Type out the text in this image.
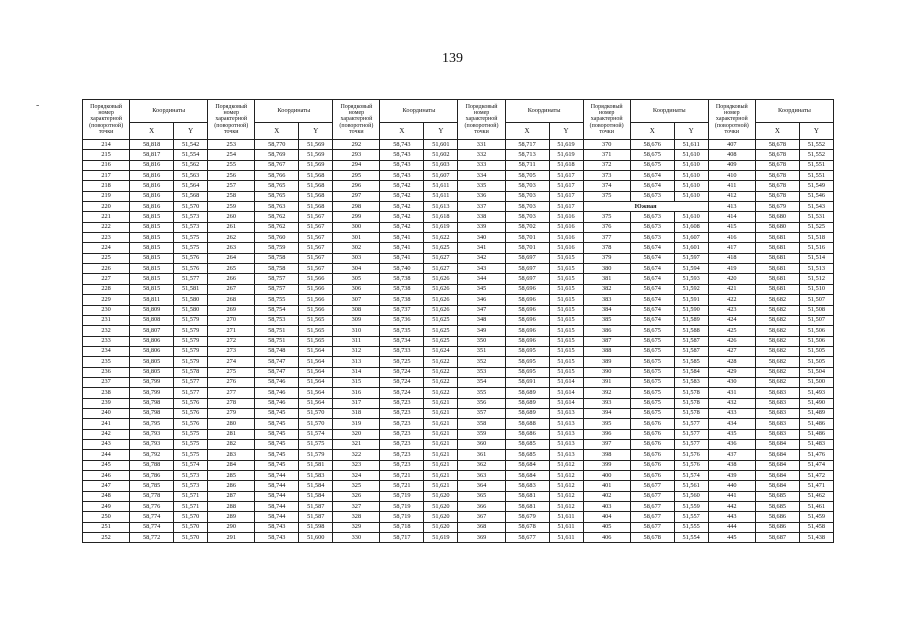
139
-	Порядковый номер характерной (поворотной) точки	Координаты		Порядковый номер характерной (поворотной) точки	Координаты		Порядковый номер характерной (поворотной) точки	Координаты		Порядковый номер характерной (поворотной) точки	Координаты		Порядковый номер характерной (поворотной) точки	Координаты		Порядковый номер характерной (поворотной) точки	Координаты	
	X	Y		X	Y		X	Y		X	Y		X	Y		X	Y
214	58,818	51,542	253	58,770	51,569	292	58,743	51,601	331	58,717	51,619	370	58,676	51,611	407	58,678	51,552
215	58,817	51,554	254	58,769	51,569	293	58,743	51,602	332	58,713	51,619	371	58,675	51,610	408	58,678	51,552
216	58,816	51,562	255	58,767	51,569	294	58,743	51,603	333	58,711	51,618	372	58,675	51,610	409	58,678	51,551
217	58,816	51,563	256	58,766	51,568	295	58,743	51,607	334	58,705	51,617	373	58,674	51,610	410	58,678	51,551
218	58,816	51,564	257	58,765	51,568	296	58,742	51,611	335	58,703	51,617	374	58,674	51,610	411	58,678	51,549
219	58,816	51,568	258	58,765	51,568	297	58,742	51,611	336	58,703	51,617	375	58,673	51,610	412	58,678	51,546
220	58,816	51,570	259	58,763	51,568	298	58,742	51,613	337	58,703	51,617	Южная			413	58,679	51,543
221	58,815	51,573	260	58,762	51,567	299	58,742	51,618	338	58,703	51,616	375	58,673	51,610	414	58,680	51,531
222	58,815	51,573	261	58,762	51,567	300	58,742	51,619	339	58,702	51,616	376	58,673	51,608	415	58,680	51,525
223	58,815	51,575	262	58,760	51,567	301	58,741	51,622	340	58,701	51,616	377	58,673	51,607	416	58,681	51,518
224	58,815	51,575	263	58,759	51,567	302	58,741	51,625	341	58,701	51,616	378	58,674	51,601	417	58,681	51,516
225	58,815	51,576	264	58,758	51,567	303	58,741	51,627	342	58,697	51,615	379	58,674	51,597	418	58,681	51,514
226	58,815	51,576	265	58,758	51,567	304	58,740	51,627	343	58,697	51,615	380	58,674	51,594	419	58,681	51,513
227	58,815	51,577	266	58,757	51,566	305	58,738	51,626	344	58,697	51,615	381	58,674	51,593	420	58,681	51,512
228	58,815	51,581	267	58,757	51,566	306	58,738	51,626	345	58,696	51,615	382	58,674	51,592	421	58,681	51,510
229	58,811	51,580	268	58,755	51,566	307	58,738	51,626	346	58,696	51,615	383	58,674	51,591	422	58,682	51,507
230	58,809	51,580	269	58,754	51,566	308	58,737	51,626	347	58,696	51,615	384	58,674	51,590	423	58,682	51,508
231	58,808	51,579	270	58,753	51,565	309	58,736	51,625	348	58,696	51,615	385	58,674	51,589	424	58,682	51,507
232	58,807	51,579	271	58,751	51,565	310	58,735	51,625	349	58,696	51,615	386	58,675	51,588	425	58,682	51,506
233	58,806	51,579	272	58,751	51,565	311	58,734	51,625	350	58,696	51,615	387	58,675	51,587	426	58,682	51,506
234	58,806	51,579	273	58,748	51,564	312	58,733	51,624	351	58,695	51,615	388	58,675	51,587	427	58,682	51,505
235	58,805	51,579	274	58,747	51,564	313	58,725	51,622	352	58,695	51,615	389	58,675	51,585	428	58,682	51,505
236	58,805	51,578	275	58,747	51,564	314	58,724	51,622	353	58,695	51,615	390	58,675	51,584	429	58,682	51,504
237	58,799	51,577	276	58,746	51,564	315	58,724	51,622	354	58,691	51,614	391	58,675	51,583	430	58,682	51,500
238	58,799	51,577	277	58,746	51,564	316	58,724	51,622	355	58,689	51,614	392	58,675	51,578	431	58,683	51,493
239	58,798	51,576	278	58,746	51,564	317	58,723	51,621	356	58,689	51,614	393	58,675	51,578	432	58,683	51,490
240	58,798	51,576	279	58,745	51,570	318	58,723	51,621	357	58,689	51,613	394	58,675	51,578	433	58,683	51,489
241	58,795	51,576	280	58,745	51,570	319	58,723	51,621	358	58,688	51,613	395	58,676	51,577	434	58,683	51,486
242	58,793	51,575	281	58,745	51,574	320	58,723	51,621	359	58,686	51,613	396	58,676	51,577	435	58,683	51,486
243	58,793	51,575	282	58,745	51,575	321	58,723	51,621	360	58,685	51,613	397	58,676	51,577	436	58,684	51,483
244	58,792	51,575	283	58,745	51,579	322	58,723	51,621	361	58,685	51,613	398	58,676	51,576	437	58,684	51,476
245	58,788	51,574	284	58,745	51,581	323	58,723	51,621	362	58,684	51,612	399	58,676	51,576	438	58,684	51,474
246	58,786	51,573	285	58,744	51,583	324	58,721	51,621	363	58,684	51,612	400	58,676	51,574	439	58,684	51,472
247	58,785	51,573	286	58,744	51,584	325	58,721	51,621	364	58,683	51,612	401	58,677	51,561	440	58,684	51,471
248	58,778	51,571	287	58,744	51,584	326	58,719	51,620	365	58,681	51,612	402	58,677	51,560	441	58,685	51,462
249	58,776	51,571	288	58,744	51,587	327	58,719	51,620	366	58,681	51,612	403	58,677	51,559	442	58,685	51,461
250	58,774	51,570	289	58,744	51,587	328	58,719	51,620	367	58,679	51,611	404	58,677	51,557	443	58,686	51,459
251	58,774	51,570	290	58,743	51,598	329	58,718	51,620	368	58,678	51,611	405	58,677	51,555	444	58,686	51,458
252	58,772	51,570	291	58,743	51,600	330	58,717	51,619	369	58,677	51,611	406	58,678	51,554	445	58,687	51,438
